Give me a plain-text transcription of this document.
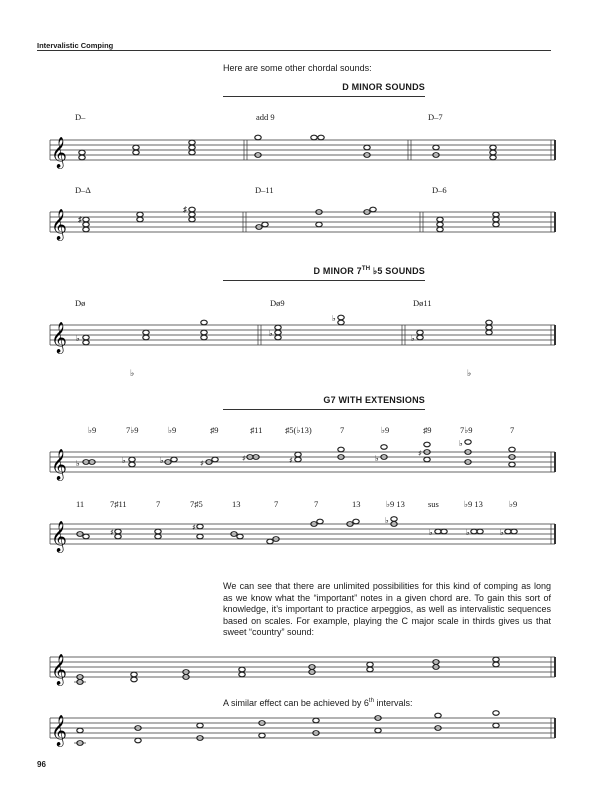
Intervalistic Comping
Here are some other chordal sounds:
D MINOR SOUNDS
D MINOR 7TH ♭5 SOUNDS
G7 WITH EXTENSIONS
D–	add 9	D–7
𝄞
D–Δ	D–11	D–6
𝄞	♯
♯
Dø	Dø9	Dø11
𝄞 ♭
♭
♭
♭
♭	♭
♭9	7♭9	♭9	♯9	♯11	♯5(♭13)	7	♭9	♯9	7♭9	7
𝄞 ♭	♭	♭	♯
♯	♯	♭
♯
♭
11	7♯11	7	7♯5	13	7	7	13	♭9 13	sus	♭9 13	♭9
𝄞	♯
♯
♭
♭	♭	♭
We can see that there are unlimited possibilities for this kind of comping as long as we know what the “important” notes in a given chord are. To gain this sort of knowledge, it’s important to practice arpeggios, as well as intervalistic sequences based on scales. For example, playing the C major scale in thirds gives us that sweet “country” sound:
𝄞
A similar effect can be achieved by 6th intervals:
𝄞
96
